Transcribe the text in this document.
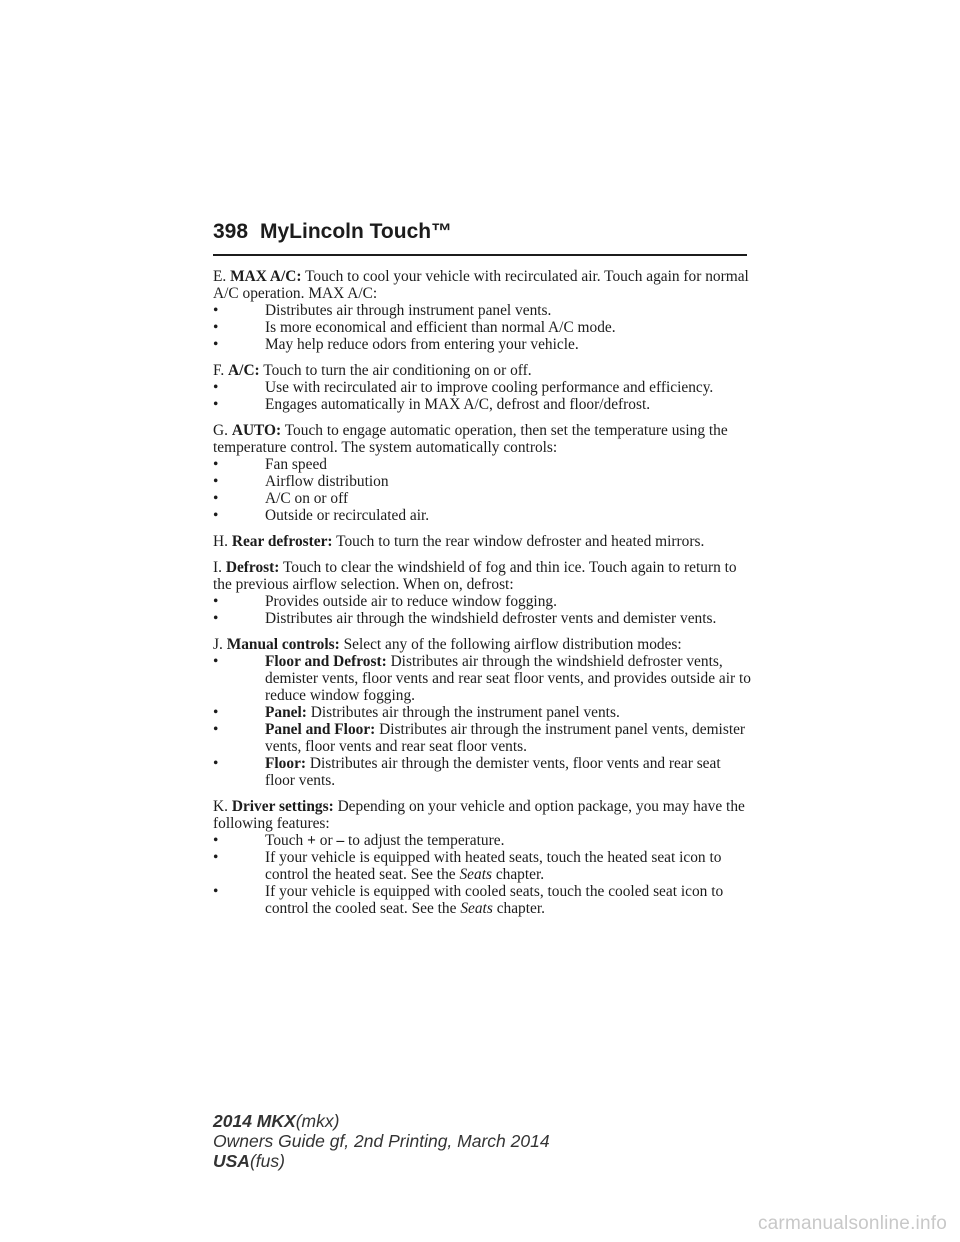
398 MyLincoln Touch™

E. MAX A/C: Touch to cool your vehicle with recirculated air. Touch again for normal A/C operation. MAX A/C:

•	Distributes air through instrument panel vents.
•	Is more economical and efficient than normal A/C mode.
•	May help reduce odors from entering your vehicle.

F. A/C: Touch to turn the air conditioning on or off.

•	Use with recirculated air to improve cooling performance and efficiency.
•	Engages automatically in MAX A/C, defrost and floor/defrost.

G. AUTO: Touch to engage automatic operation, then set the temperature using the temperature control. The system automatically controls:

•	Fan speed
•	Airflow distribution
•	A/C on or off
•	Outside or recirculated air.

H. Rear defroster: Touch to turn the rear window defroster and heated mirrors.

I. Defrost: Touch to clear the windshield of fog and thin ice. Touch again to return to the previous airflow selection. When on, defrost:

•	Provides outside air to reduce window fogging.
•	Distributes air through the windshield defroster vents and demister vents.

J. Manual controls: Select any of the following airflow distribution modes:

•	Floor and Defrost: Distributes air through the windshield defroster vents, demister vents, floor vents and rear seat floor vents, and provides outside air to reduce window fogging.
•	Panel: Distributes air through the instrument panel vents.
•	Panel and Floor: Distributes air through the instrument panel vents, demister vents, floor vents and rear seat floor vents.
•	Floor: Distributes air through the demister vents, floor vents and rear seat floor vents.

K. Driver settings: Depending on your vehicle and option package, you may have the following features:

•	Touch + or – to adjust the temperature.
•	If your vehicle is equipped with heated seats, touch the heated seat icon to control the heated seat. See the Seats chapter.
•	If your vehicle is equipped with cooled seats, touch the cooled seat icon to control the cooled seat. See the Seats chapter.
2014 MKX(mkx)
Owners Guide gf, 2nd Printing, March 2014
USA(fus)
carmanualsonline.info
